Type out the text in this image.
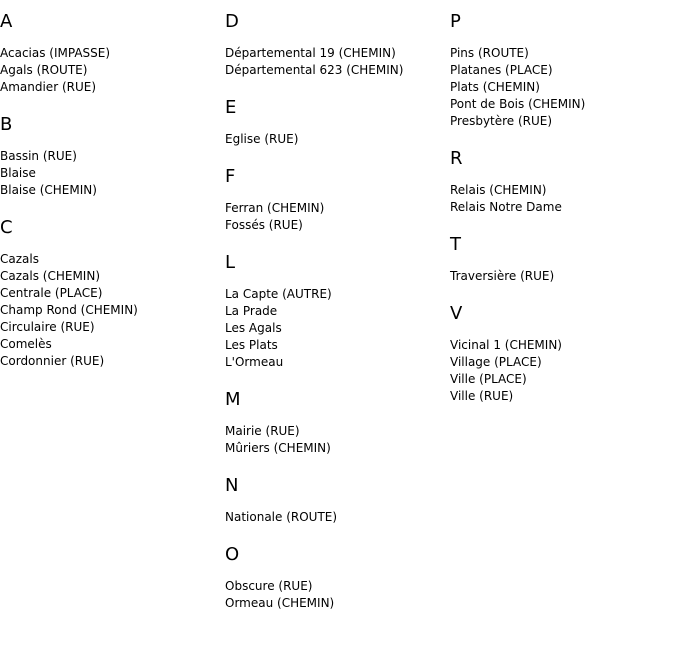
A
Acacias (IMPASSE)
Agals (ROUTE)
Amandier (RUE)
B
Bassin (RUE)
Blaise
Blaise (CHEMIN)
C
Cazals
Cazals (CHEMIN)
Centrale (PLACE)
Champ Rond (CHEMIN)
Circulaire (RUE)
Comelès
Cordonnier (RUE)
D
Départemental 19 (CHEMIN)
Départemental 623 (CHEMIN)
E
Eglise (RUE)
F
Ferran (CHEMIN)
Fossés (RUE)
L
La Capte (AUTRE)
La Prade
Les Agals
Les Plats
L'Ormeau
M
Mairie (RUE)
Mûriers (CHEMIN)
N
Nationale (ROUTE)
O
Obscure (RUE)
Ormeau (CHEMIN)
P
Pins (ROUTE)
Platanes (PLACE)
Plats (CHEMIN)
Pont de Bois (CHEMIN)
Presbytère (RUE)
R
Relais (CHEMIN)
Relais Notre Dame
T
Traversière (RUE)
V
Vicinal 1 (CHEMIN)
Village (PLACE)
Ville (PLACE)
Ville (RUE)
